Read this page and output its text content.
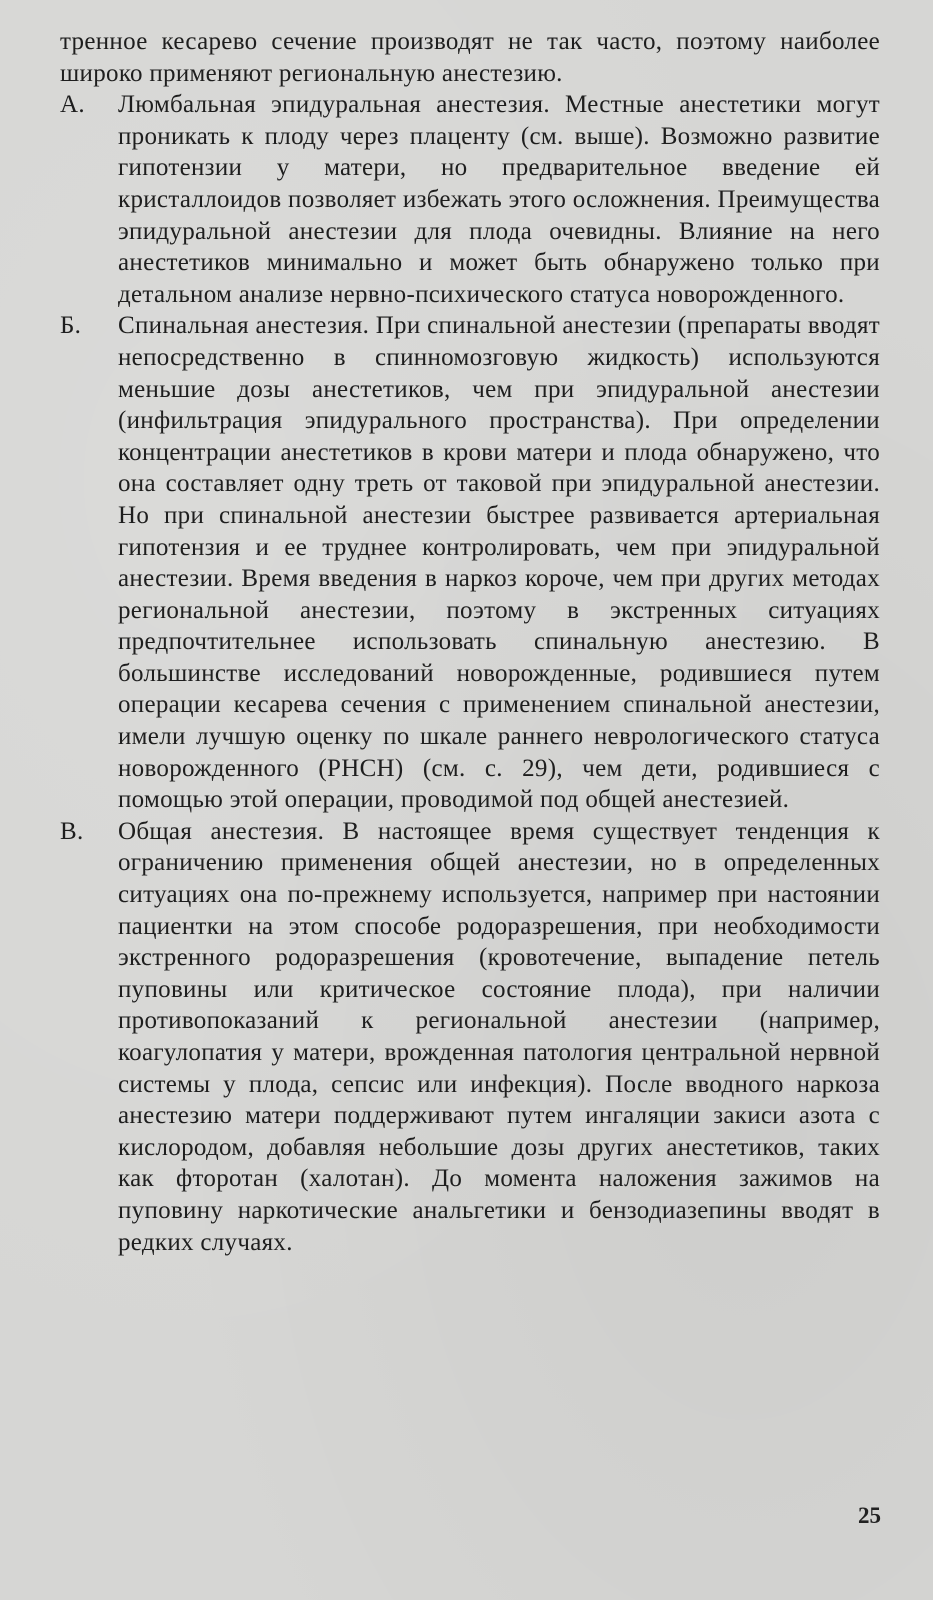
тренное кесарево сечение производят не так часто, поэтому наиболее широко применяют региональную анестезию.

А.	Люмбальная эпидуральная анестезия. Местные анестетики могут проникать к плоду через плаценту (см. выше). Возможно развитие гипотензии у матери, но предварительное введение ей кристаллоидов позволяет избежать этого осложнения. Преимущества эпидуральной анестезии для плода очевидны. Влияние на него анестетиков минимально и может быть обнаружено только при детальном анализе нервно-психического статуса новорожденного.
Б.	Спинальная анестезия. При спинальной анестезии (препараты вводят непосредственно в спинномозговую жидкость) используются меньшие дозы анестетиков, чем при эпидуральной анестезии (инфильтрация эпидурального пространства). При определении концентрации анестетиков в крови матери и плода обнаружено, что она составляет одну треть от таковой при эпидуральной анестезии. Но при спинальной анестезии быстрее развивается артериальная гипотензия и ее труднее контролировать, чем при эпидуральной анестезии. Время введения в наркоз короче, чем при других методах региональной анестезии, поэтому в экстренных ситуациях предпочтительнее использовать спинальную анестезию. В большинстве исследований новорожденные, родившиеся путем операции кесарева сечения с применением спинальной анестезии, имели лучшую оценку по шкале раннего неврологического статуса новорожденного (РНСН) (см. с. 29), чем дети, родившиеся с помощью этой операции, проводимой под общей анестезией.
В.	Общая анестезия. В настоящее время существует тенденция к ограничению применения общей анестезии, но в определенных ситуациях она по-прежнему используется, например при настоянии пациентки на этом способе родоразрешения, при необходимости экстренного родоразрешения (кровотечение, выпадение петель пуповины или критическое состояние плода), при наличии противопоказаний к региональной анестезии (например, коагулопатия у матери, врожденная патология центральной нервной системы у плода, сепсис или инфекция). После вводного наркоза анестезию матери поддерживают путем ингаляции закиси азота с кислородом, добавляя небольшие дозы других анестетиков, таких как фторотан (халотан). До момента наложения зажимов на пуповину наркотические анальгетики и бензодиазепины вводят в редких случаях.
25
